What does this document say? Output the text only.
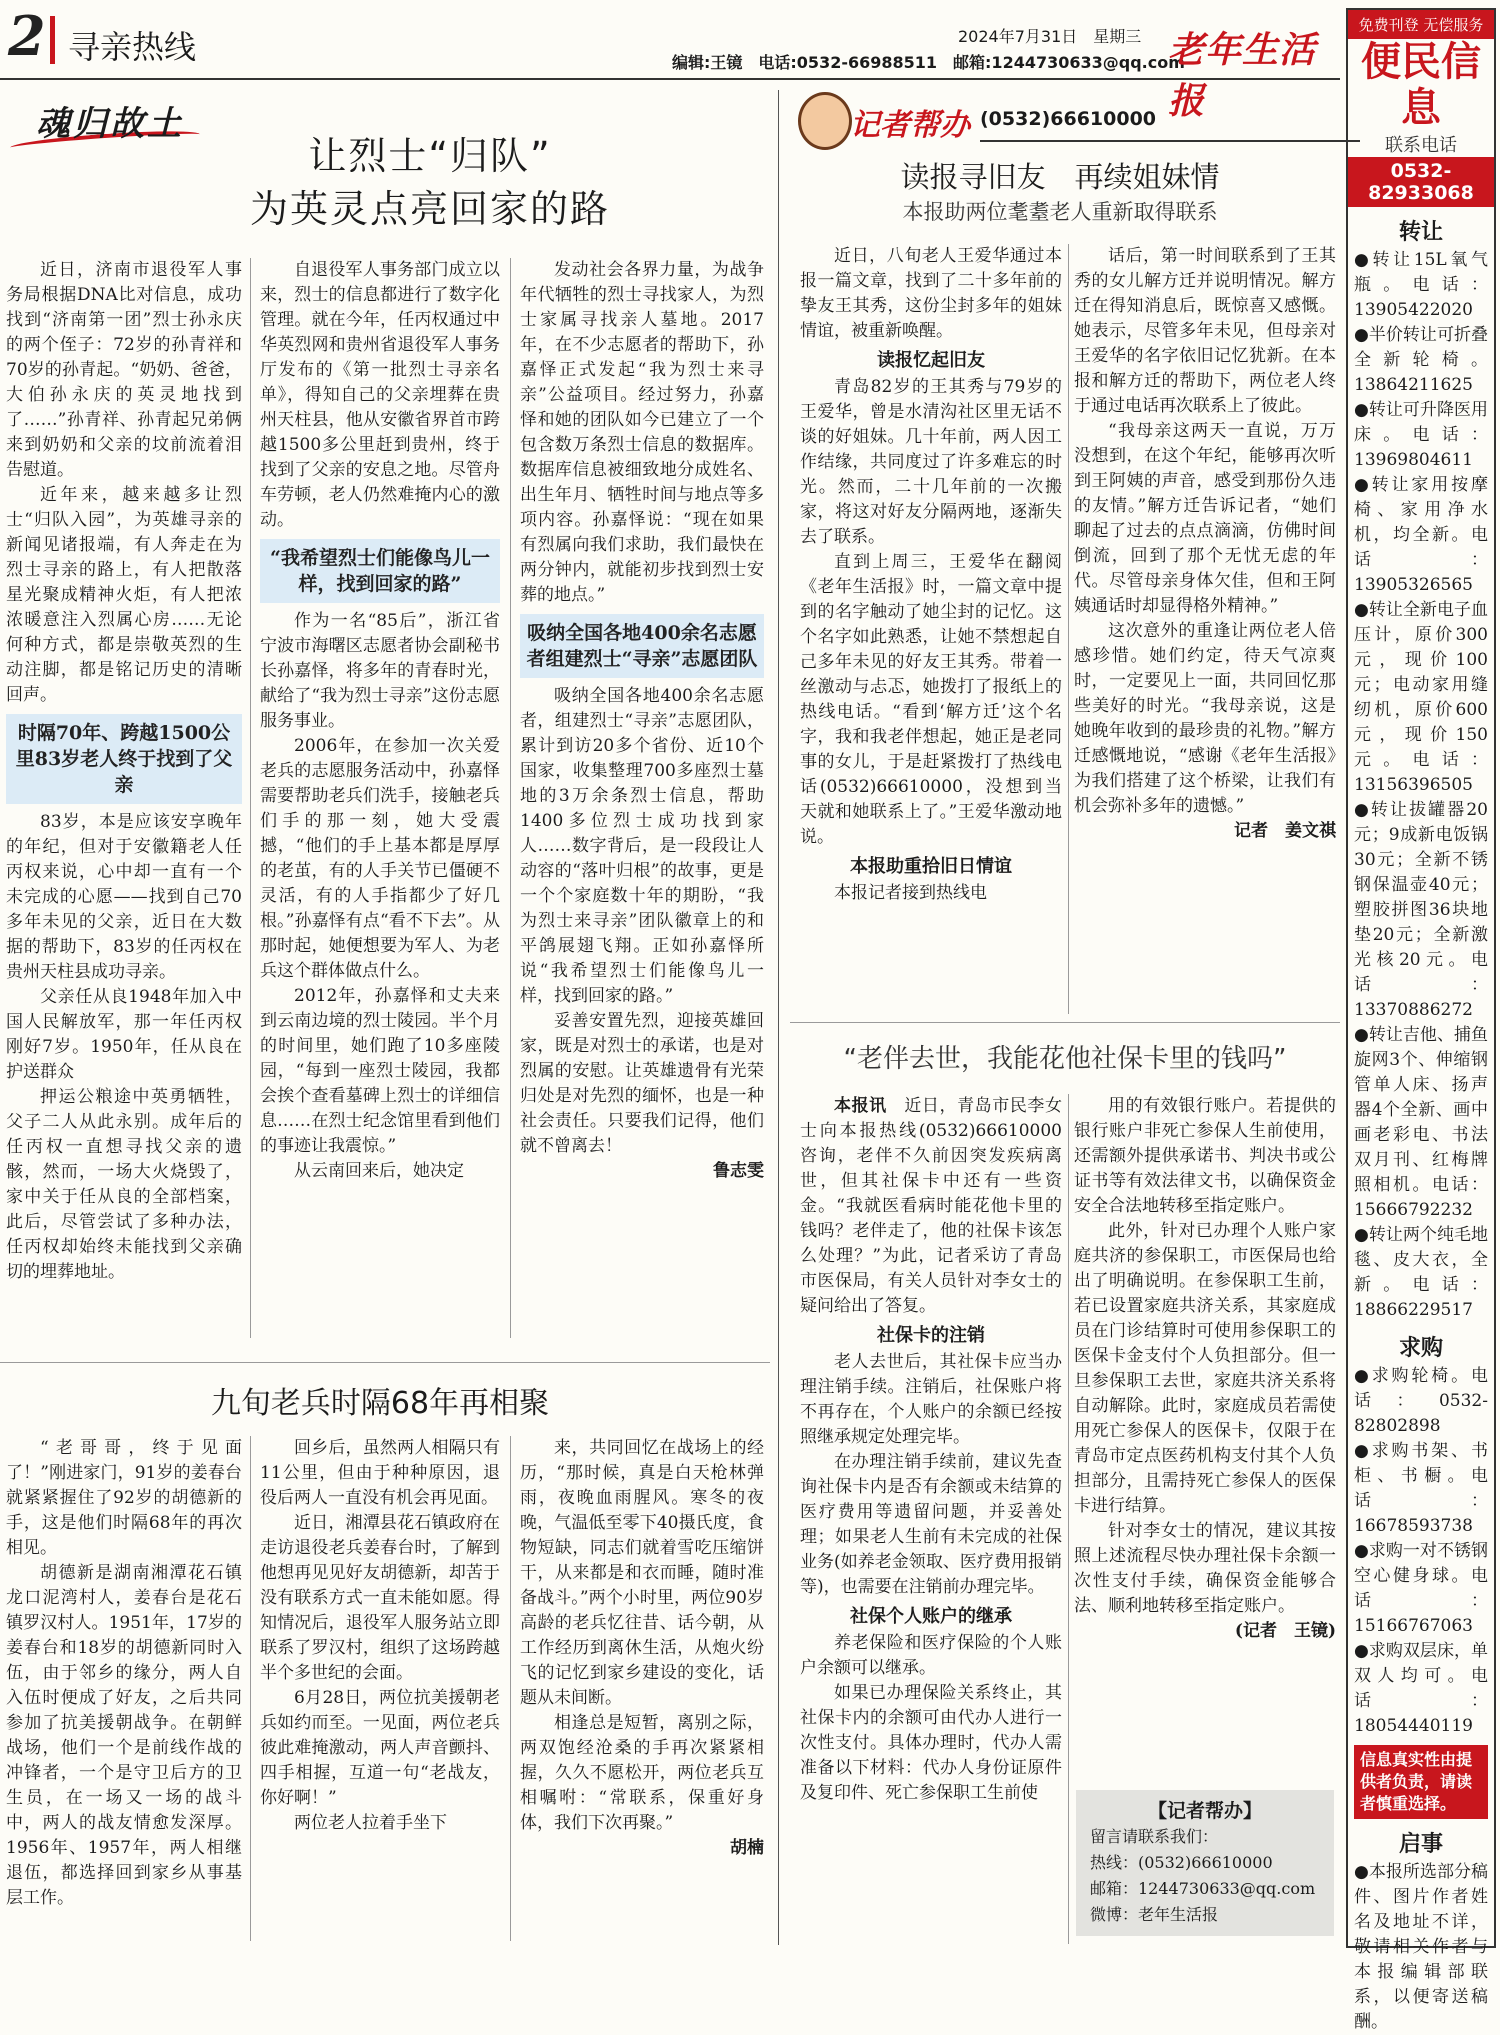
2 寻亲热线	2024年7月31日　星期三
编辑:王镜　电话:0532-66988511　邮箱:1244730633@qq.com
老年生活报
魂归故土
让烈士“归队”
为英灵点亮回家的路

近日，济南市退役军人事务局根据DNA比对信息，成功找到“济南第一团”烈士孙永庆的两个侄子：72岁的孙青祥和70岁的孙青起。“奶奶、爸爸，大伯孙永庆的英灵地找到了……”孙青祥、孙青起兄弟俩来到奶奶和父亲的坟前流着泪告慰道。

近年来，越来越多让烈士“归队入园”，为英雄寻亲的新闻见诸报端，有人奔走在为烈士寻亲的路上，有人把散落星光聚成精神火炬，有人把浓浓暖意注入烈属心房……无论何种方式，都是崇敬英烈的生动注脚，都是铭记历史的清晰回声。

时隔70年、跨越1500公里83岁老人终于找到了父亲

83岁，本是应该安享晚年的年纪，但对于安徽籍老人任丙权来说，心中却一直有一个未完成的心愿——找到自己70多年未见的父亲，近日在大数据的帮助下，83岁的任丙权在贵州天柱县成功寻亲。

父亲任从良1948年加入中国人民解放军，那一年任丙权刚好7岁。1950年，任从良在护送群众

押运公粮途中英勇牺牲，父子二人从此永别。成年后的任丙权一直想寻找父亲的遗骸，然而，一场大火烧毁了，家中关于任从良的全部档案，此后，尽管尝试了多种办法，任丙权却始终未能找到父亲确切的埋葬地址。

自退役军人事务部门成立以来，烈士的信息都进行了数字化管理。就在今年，任丙权通过中华英烈网和贵州省退役军人事务厅发布的《第一批烈士寻亲名单》，得知自己的父亲埋葬在贵州天柱县，他从安徽省界首市跨越1500多公里赶到贵州，终于找到了父亲的安息之地。尽管舟车劳顿，老人仍然难掩内心的激动。

“我希望烈士们能像鸟儿一样，找到回家的路”

作为一名“85后”，浙江省宁波市海曙区志愿者协会副秘书长孙嘉怿，将多年的青春时光，献给了“我为烈士寻亲”这份志愿服务事业。

2006年，在参加一次关爱老兵的志愿服务活动中，孙嘉怿需要帮助老兵们洗手，接触老兵们手的那一刻，她大受震撼，“他们的手上基本都是厚厚的老茧，有的人手关节已僵硬不灵活，有的人手指都少了好几根。”孙嘉怿有点“看不下去”。从那时起，她便想要为军人、为老兵这个群体做点什么。

2012年，孙嘉怿和丈夫来到云南边境的烈士陵园。半个月的时间里，她们跑了10多座陵园，“每到一座烈士陵园，我都会挨个查看墓碑上烈士的详细信息……在烈士纪念馆里看到他们的事迹让我震惊。”

从云南回来后，她决定

发动社会各界力量，为战争年代牺牲的烈士寻找家人，为烈士家属寻找亲人墓地。2017年，在不少志愿者的帮助下，孙嘉怿正式发起“我为烈士来寻亲”公益项目。经过努力，孙嘉怿和她的团队如今已建立了一个包含数万条烈士信息的数据库。数据库信息被细致地分成姓名、出生年月、牺牲时间与地点等多项内容。孙嘉怿说：“现在如果有烈属向我们求助，我们最快在两分钟内，就能初步找到烈士安葬的地点。”

吸纳全国各地400余名志愿者组建烈士“寻亲”志愿团队

吸纳全国各地400余名志愿者，组建烈士“寻亲”志愿团队，累计到访20多个省份、近10个国家，收集整理700多座烈士墓地的3万余条烈士信息，帮助1400多位烈士成功找到家人……数字背后，是一段段让人动容的“落叶归根”的故事，更是一个个家庭数十年的期盼，“我为烈士来寻亲”团队徽章上的和平鸽展翅飞翔。正如孙嘉怿所说“我希望烈士们能像鸟儿一样，找到回家的路。”

妥善安置先烈，迎接英雄回家，既是对烈士的承诺，也是对烈属的安慰。让英雄遗骨有光荣归处是对先烈的缅怀，也是一种社会责任。只要我们记得，他们就不曾离去！

鲁志雯

九旬老兵时隔68年再相聚

“老哥哥，终于见面了！”刚进家门，91岁的姜春台就紧紧握住了92岁的胡德新的手，这是他们时隔68年的再次相见。

胡德新是湖南湘潭花石镇龙口泥湾村人，姜春台是花石镇罗汉村人。1951年，17岁的姜春台和18岁的胡德新同时入伍，由于邻乡的缘分，两人自入伍时便成了好友，之后共同参加了抗美援朝战争。在朝鲜战场，他们一个是前线作战的冲锋者，一个是守卫后方的卫生员，在一场又一场的战斗中，两人的战友情愈发深厚。1956年、1957年，两人相继退伍，都选择回到家乡从事基层工作。

回乡后，虽然两人相隔只有11公里，但由于种种原因，退役后两人一直没有机会再见面。

近日，湘潭县花石镇政府在走访退役老兵姜春台时，了解到他想再见见好友胡德新，却苦于没有联系方式一直未能如愿。得知情况后，退役军人服务站立即联系了罗汉村，组织了这场跨越半个多世纪的会面。

6月28日，两位抗美援朝老兵如约而至。一见面，两位老兵彼此难掩激动，两人声音颤抖、四手相握，互道一句“老战友，你好啊！”

两位老人拉着手坐下

来，共同回忆在战场上的经历，“那时候，真是白天枪林弹雨，夜晚血雨腥风。寒冬的夜晚，气温低至零下40摄氏度，食物短缺，同志们就着雪吃压缩饼干，从来都是和衣而睡，随时准备战斗。”两个小时里，两位90岁高龄的老兵忆往昔、话今朝，从工作经历到离休生活，从炮火纷飞的记忆到家乡建设的变化，话题从未间断。

相逢总是短暂，离别之际，两双饱经沧桑的手再次紧紧相握，久久不愿松开，两位老兵互相嘱咐：“常联系，保重好身体，我们下次再聚。”

胡楠

记者帮办 (0532)66610000
读报寻旧友　再续姐妹情
本报助两位耄耋老人重新取得联系

近日，八旬老人王爱华通过本报一篇文章，找到了二十多年前的挚友王其秀，这份尘封多年的姐妹情谊，被重新唤醒。

读报忆起旧友

青岛82岁的王其秀与79岁的王爱华，曾是水清沟社区里无话不谈的好姐妹。几十年前，两人因工作结缘，共同度过了许多难忘的时光。然而，二十几年前的一次搬家，将这对好友分隔两地，逐渐失去了联系。

直到上周三，王爱华在翻阅《老年生活报》时，一篇文章中提到的名字触动了她尘封的记忆。这个名字如此熟悉，让她不禁想起自己多年未见的好友王其秀。带着一丝激动与忐忑，她拨打了报纸上的热线电话。“看到‘解方迁’这个名字，我和我老伴想起，她正是老同事的女儿，于是赶紧拨打了热线电话(0532)66610000，没想到当天就和她联系上了。”王爱华激动地说。

本报助重拾旧日情谊

本报记者接到热线电

话后，第一时间联系到了王其秀的女儿解方迁并说明情况。解方迁在得知消息后，既惊喜又感慨。她表示，尽管多年未见，但母亲对王爱华的名字依旧记忆犹新。在本报和解方迁的帮助下，两位老人终于通过电话再次联系上了彼此。

“我母亲这两天一直说，万万没想到，在这个年纪，能够再次听到王阿姨的声音，感受到那份久违的友情。”解方迁告诉记者，“她们聊起了过去的点点滴滴，仿佛时间倒流，回到了那个无忧无虑的年代。尽管母亲身体欠佳，但和王阿姨通话时却显得格外精神。”

这次意外的重逢让两位老人倍感珍惜。她们约定，待天气凉爽时，一定要见上一面，共同回忆那些美好的时光。“我母亲说，这是她晚年收到的最珍贵的礼物。”解方迁感慨地说，“感谢《老年生活报》为我们搭建了这个桥梁，让我们有机会弥补多年的遗憾。”

记者　姜文祺

“老伴去世，我能花他社保卡里的钱吗”

本报讯　 近日，青岛市民李女士向本报热线(0532)66610000咨询，老伴不久前因突发疾病离世，但其社保卡中还有一些资金。“我就医看病时能花他卡里的钱吗？老伴走了，他的社保卡该怎么处理？”为此，记者采访了青岛市医保局，有关人员针对李女士的疑问给出了答复。

社保卡的注销

老人去世后，其社保卡应当办理注销手续。注销后，社保账户将不再存在，个人账户的余额已经按照继承规定处理完毕。

在办理注销手续前，建议先查询社保卡内是否有余额或未结算的医疗费用等遗留问题，并妥善处理；如果老人生前有未完成的社保业务(如养老金领取、医疗费用报销等)，也需要在注销前办理完毕。

社保个人账户的继承

养老保险和医疗保险的个人账户余额可以继承。

如果已办理保险关系终止，其社保卡内的余额可由代办人进行一次性支付。具体办理时，代办人需准备以下材料：代办人身份证原件及复印件、死亡参保职工生前使

用的有效银行账户。若提供的银行账户非死亡参保人生前使用，还需额外提供承诺书、判决书或公证书等有效法律文书，以确保资金安全合法地转移至指定账户。

此外，针对已办理个人账户家庭共济的参保职工，市医保局也给出了明确说明。在参保职工生前，若已设置家庭共济关系，其家庭成员在门诊结算时可使用参保职工的医保卡金支付个人负担部分。但一旦参保职工去世，家庭共济关系将自动解除。此时，家庭成员若需使用死亡参保人的医保卡，仅限于在青岛市定点医药机构支付其个人负担部分，且需持死亡参保人的医保卡进行结算。

针对李女士的情况，建议其按照上述流程尽快办理社保卡余额一次性支付手续，确保资金能够合法、顺利地转移至指定账户。

(记者　王镜)

【记者帮办】
留言请联系我们：
热线：(0532)66610000
邮箱：1244730633@qq.com
微博：老年生活报
免费刊登 无偿服务
便民信息
联系电话
0532-82933068
转让

●转让15L氧气瓶。电话：13905422020

●半价转让可折叠全新轮椅。13864211625

●转让可升降医用床。电话：13969804611

●转让家用按摩椅、家用净水机，均全新。电话：13905326565

●转让全新电子血压计，原价300元，现价100元；电动家用缝纫机，原价600元，现价150元。电话：13156396505

●转让拔罐器20元；9成新电饭锅30元；全新不锈钢保温壶40元；塑胶拼图36块地垫20元；全新激光核20元。电话：13370886272

●转让吉他、捕鱼旋网3个、伸缩钢管单人床、扬声器4个全新、画中画老彩电、书法双月刊、红梅牌照相机。电话：15666792232

●转让两个纯毛地毯、皮大衣，全新。电话：18866229517

求购

●求购轮椅。电话：0532-82802898

●求购书架、书柜、书橱。电话：16678593738

●求购一对不锈钢空心健身球。电话：15166767063

●求购双层床，单双人均可。电话：18054440119

信息真实性由提供者负责，请读者慎重选择。
启事

●本报所选部分稿件、图片作者姓名及地址不详，敬请相关作者与本报编辑部联系，以便寄送稿酬。
